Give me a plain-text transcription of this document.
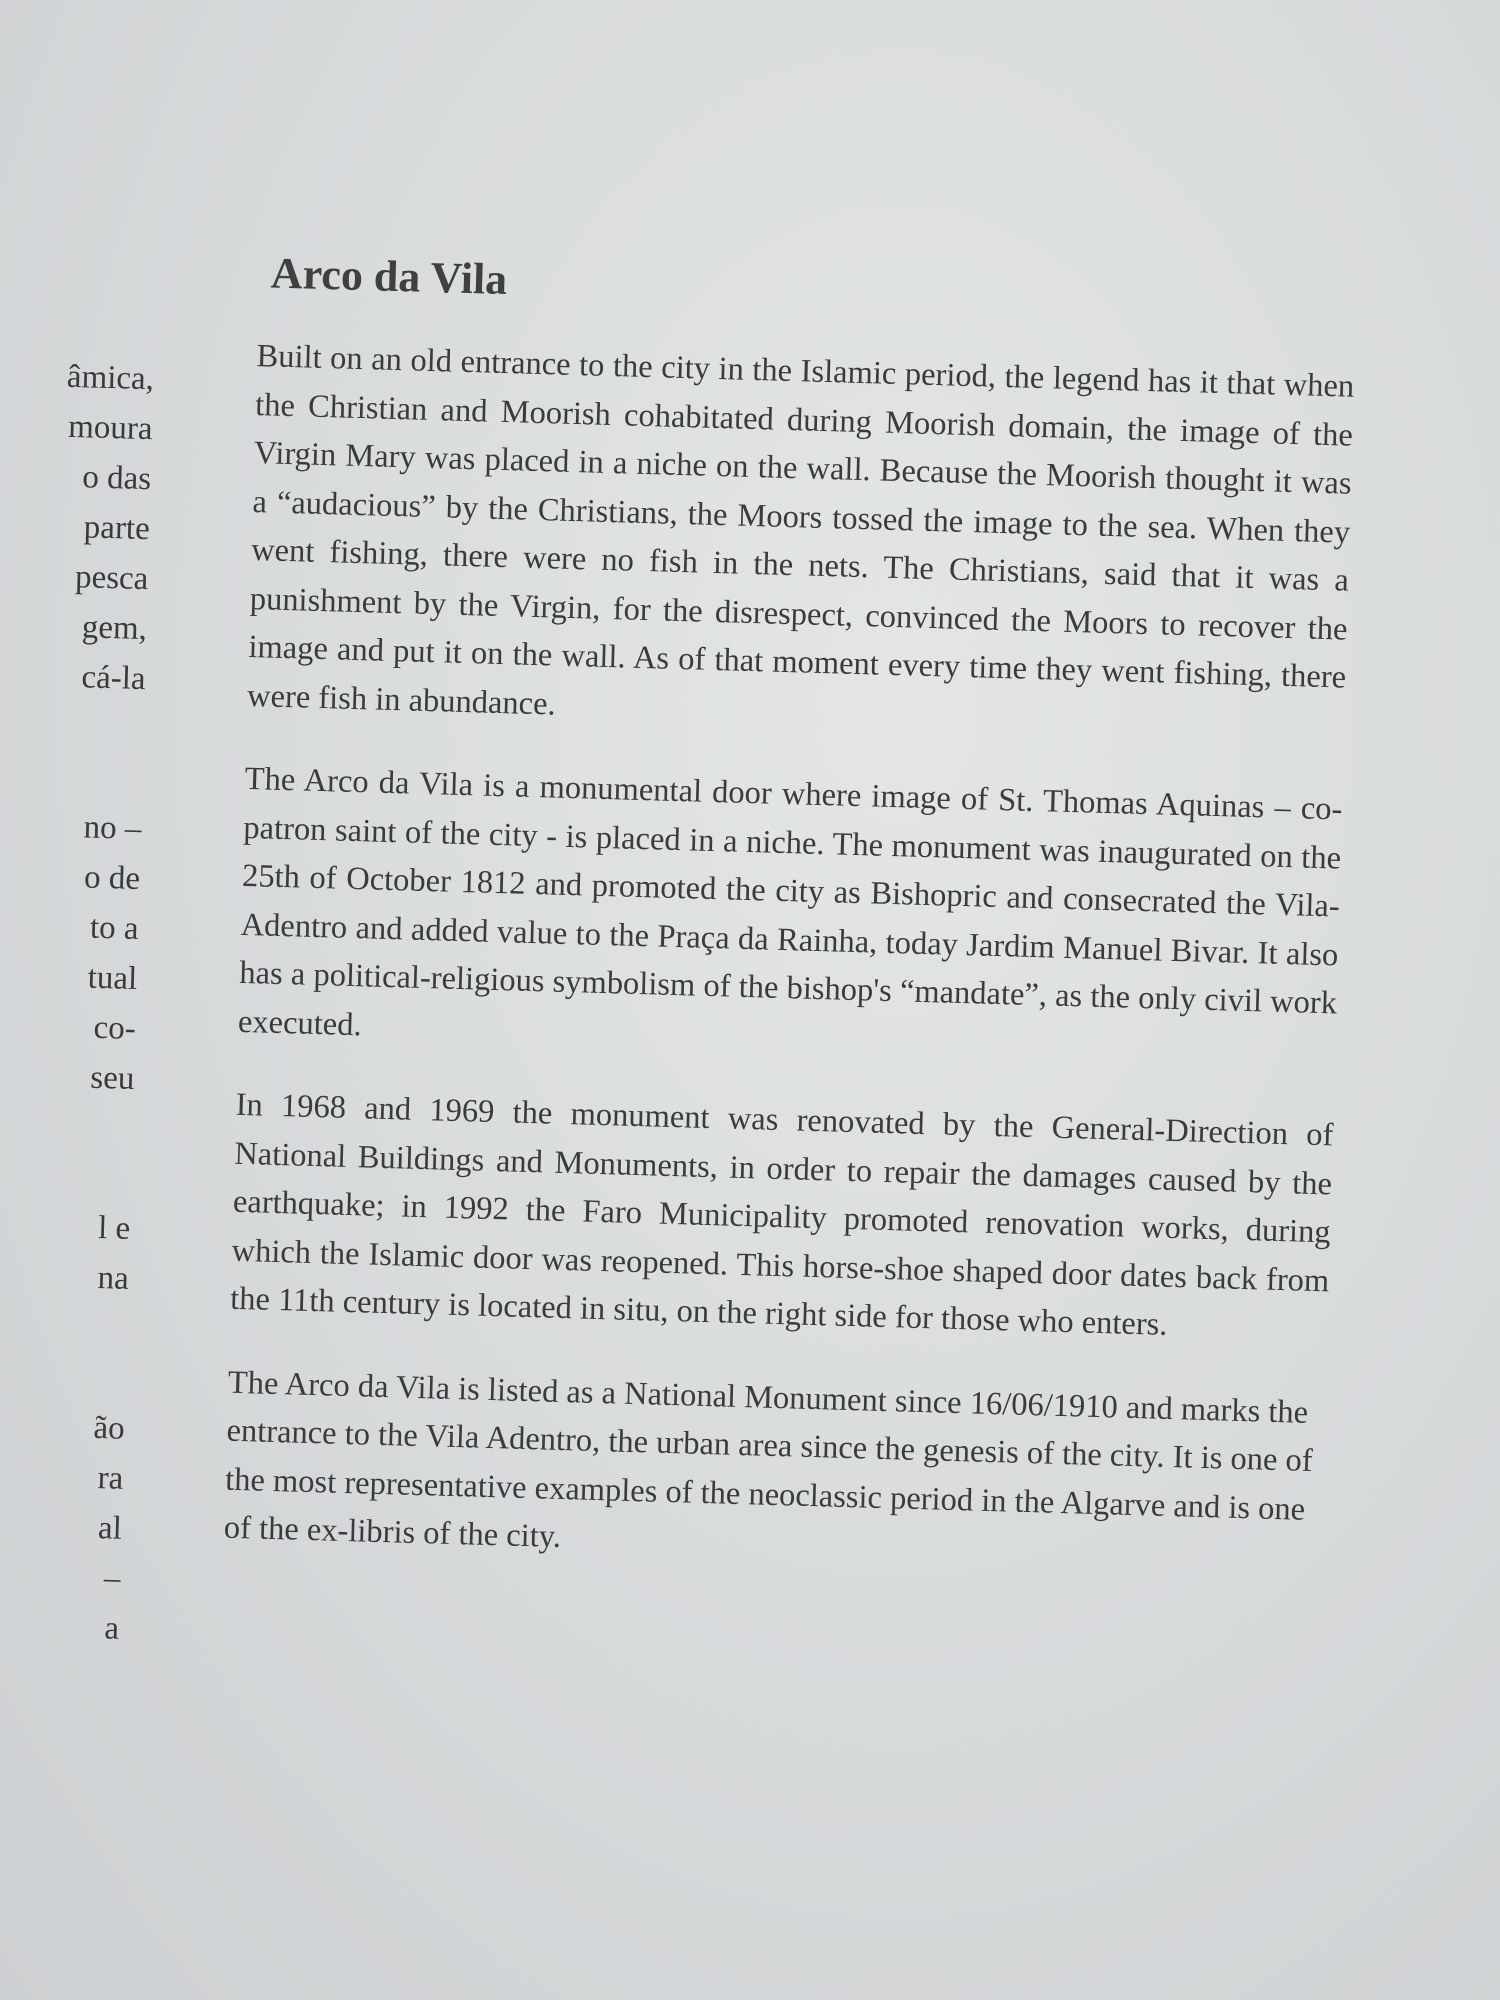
âmica,
moura
o das
parte
pesca
gem,
cá-la
no –
o de
to a
tual
co-
seu
l e
na
ão
ra
al
–
a
Arco da Vila

Built on an old entrance to the city in the Islamic period, the legend has it that when the Christian and Moorish cohabitated during Moorish domain, the image of the Virgin Mary was placed in a niche on the wall. Because the Moorish thought it was a “audacious” by the Christians, the Moors tossed the image to the sea. When they went fishing, there were no fish in the nets. The Christians, said that it was a punishment by the Virgin, for the disrespect, convinced the Moors to recover the image and put it on the wall. As of that moment every time they went fishing, there were fish in abundance.

The Arco da Vila is a monumental door where image of St. Thomas Aquinas – co-patron saint of the city - is placed in a niche. The monument was inaugurated on the 25th of October 1812 and promoted the city as Bishopric and consecrated the Vila-Adentro and added value to the Praça da Rainha, today Jardim Manuel Bivar. It also has a political-religious symbolism of the bishop's “mandate”, as the only civil work executed.

In 1968 and 1969 the monument was renovated by the General-Direction of National Buildings and Monuments, in order to repair the damages caused by the earthquake; in 1992 the Faro Municipality promoted renovation works, during which the Islamic door was reopened. This horse-shoe shaped door dates back from the 11th century is located in situ, on the right side for those who enters.

The Arco da Vila is listed as a National Monument since 16/06/1910 and marks the entrance to the Vila Adentro, the urban area since the genesis of the city. It is one of the most representative examples of the neoclassic period in the Algarve and is one of the ex-libris of the city.
